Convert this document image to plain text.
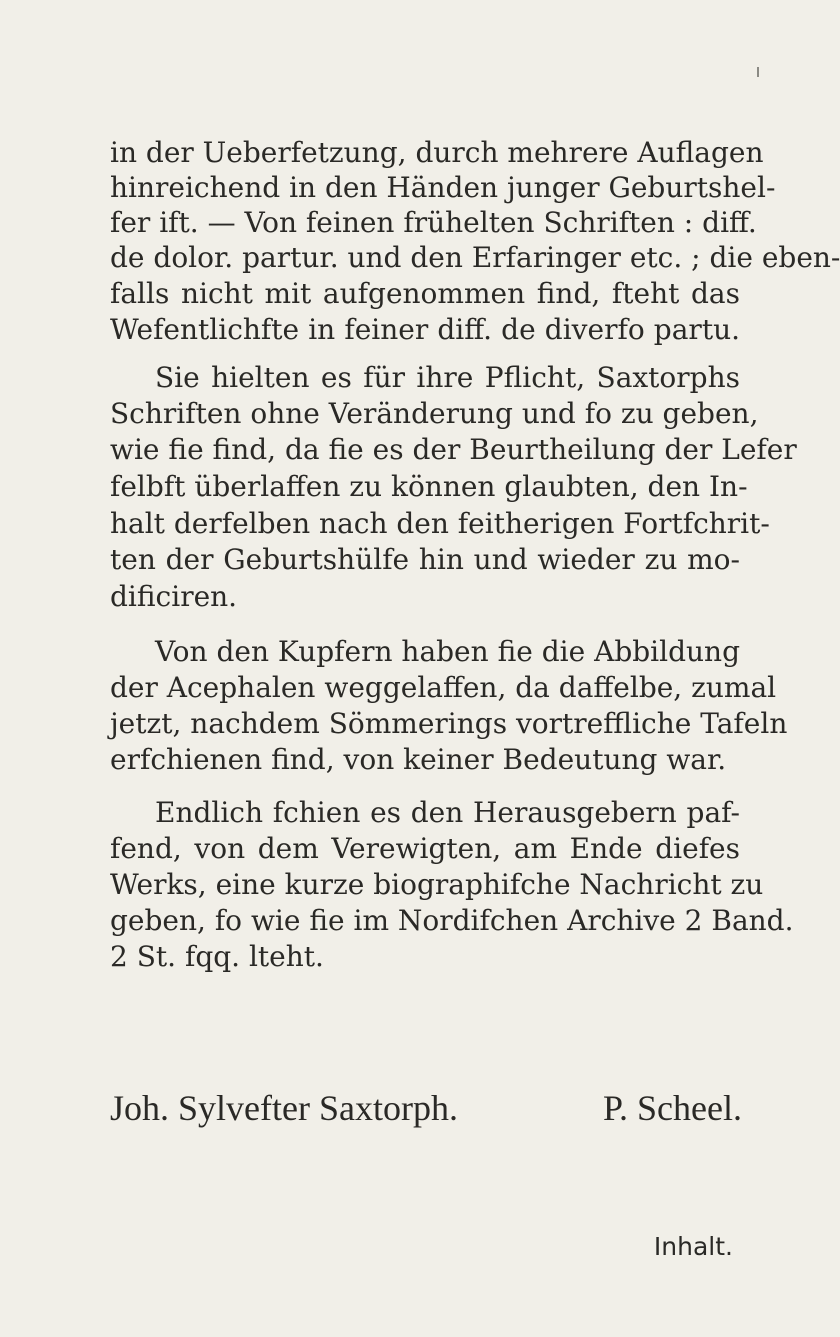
in der Ueberfetzung, durch mehrere Auflagen
hinreichend in den Händen junger Geburtshel-
fer ift. — Von feinen frühelten Schriften : diff.
de dolor. partur. und den Erfaringer etc. ; die eben-
falls nicht mit aufgenommen find, fteht das
Wefentlichfte in feiner diff. de diverfo partu.
Sie hielten es für ihre Pflicht, Saxtorphs
Schriften ohne Veränderung und fo zu geben,
wie fie find, da fie es der Beurtheilung der Lefer
felbft überlaffen zu können glaubten, den In-
halt derfelben nach den feitherigen Fortfchrit-
ten der Geburtshülfe hin und wieder zu mo-
dificiren.
Von den Kupfern haben fie die Abbildung
der Acephalen weggelaffen, da daffelbe, zumal
jetzt, nachdem Sömmerings vortreffliche Tafeln
erfchienen find, von keiner Bedeutung war.
Endlich fchien es den Herausgebern paf-
fend, von dem Verewigten, am Ende diefes
Werks, eine kurze biographifche Nachricht zu
geben, fo wie fie im Nordifchen Archive 2 Band.
2 St. fqq. lteht.
Joh. Sylvefter Saxtorph.	P. Scheel.
Inhalt.
